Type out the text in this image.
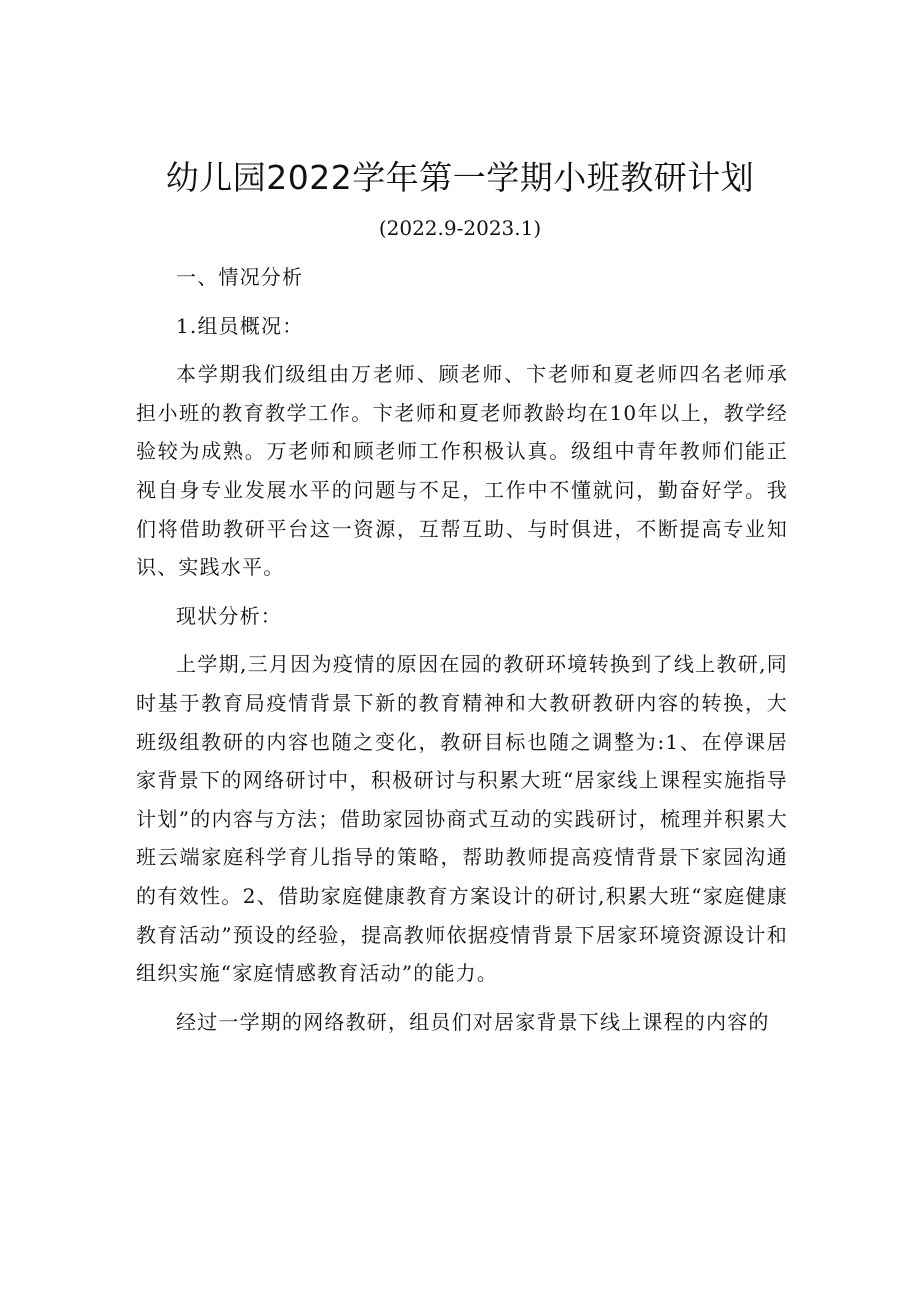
幼儿园2022学年第一学期小班教研计划
(2022.9-2023.1)

一、情况分析

1.组员概况：

本学期我们级组由万老师、顾老师、卞老师和夏老师四名老师承担小班的教育教学工作。卞老师和夏老师教龄均在10年以上，教学经验较为成熟。万老师和顾老师工作积极认真。级组中青年教师们能正视自身专业发展水平的问题与不足，工作中不懂就问，勤奋好学。我们将借助教研平台这一资源，互帮互助、与时俱进，不断提高专业知识、实践水平。

现状分析：

上学期,三月因为疫情的原因在园的教研环境转换到了线上教研,同时基于教育局疫情背景下新的教育精神和大教研教研内容的转换，大班级组教研的内容也随之变化，教研目标也随之调整为:1、在停课居家背景下的网络研讨中，积极研讨与积累大班“居家线上课程实施指导计划”的内容与方法；借助家园协商式互动的实践研讨，梳理并积累大班云端家庭科学育儿指导的策略，帮助教师提高疫情背景下家园沟通的有效性。2、借助家庭健康教育方案设计的研讨,积累大班“家庭健康教育活动”预设的经验，提高教师依据疫情背景下居家环境资源设计和组织实施“家庭情感教育活动”的能力。

经过一学期的网络教研，组员们对居家背景下线上课程的内容的
